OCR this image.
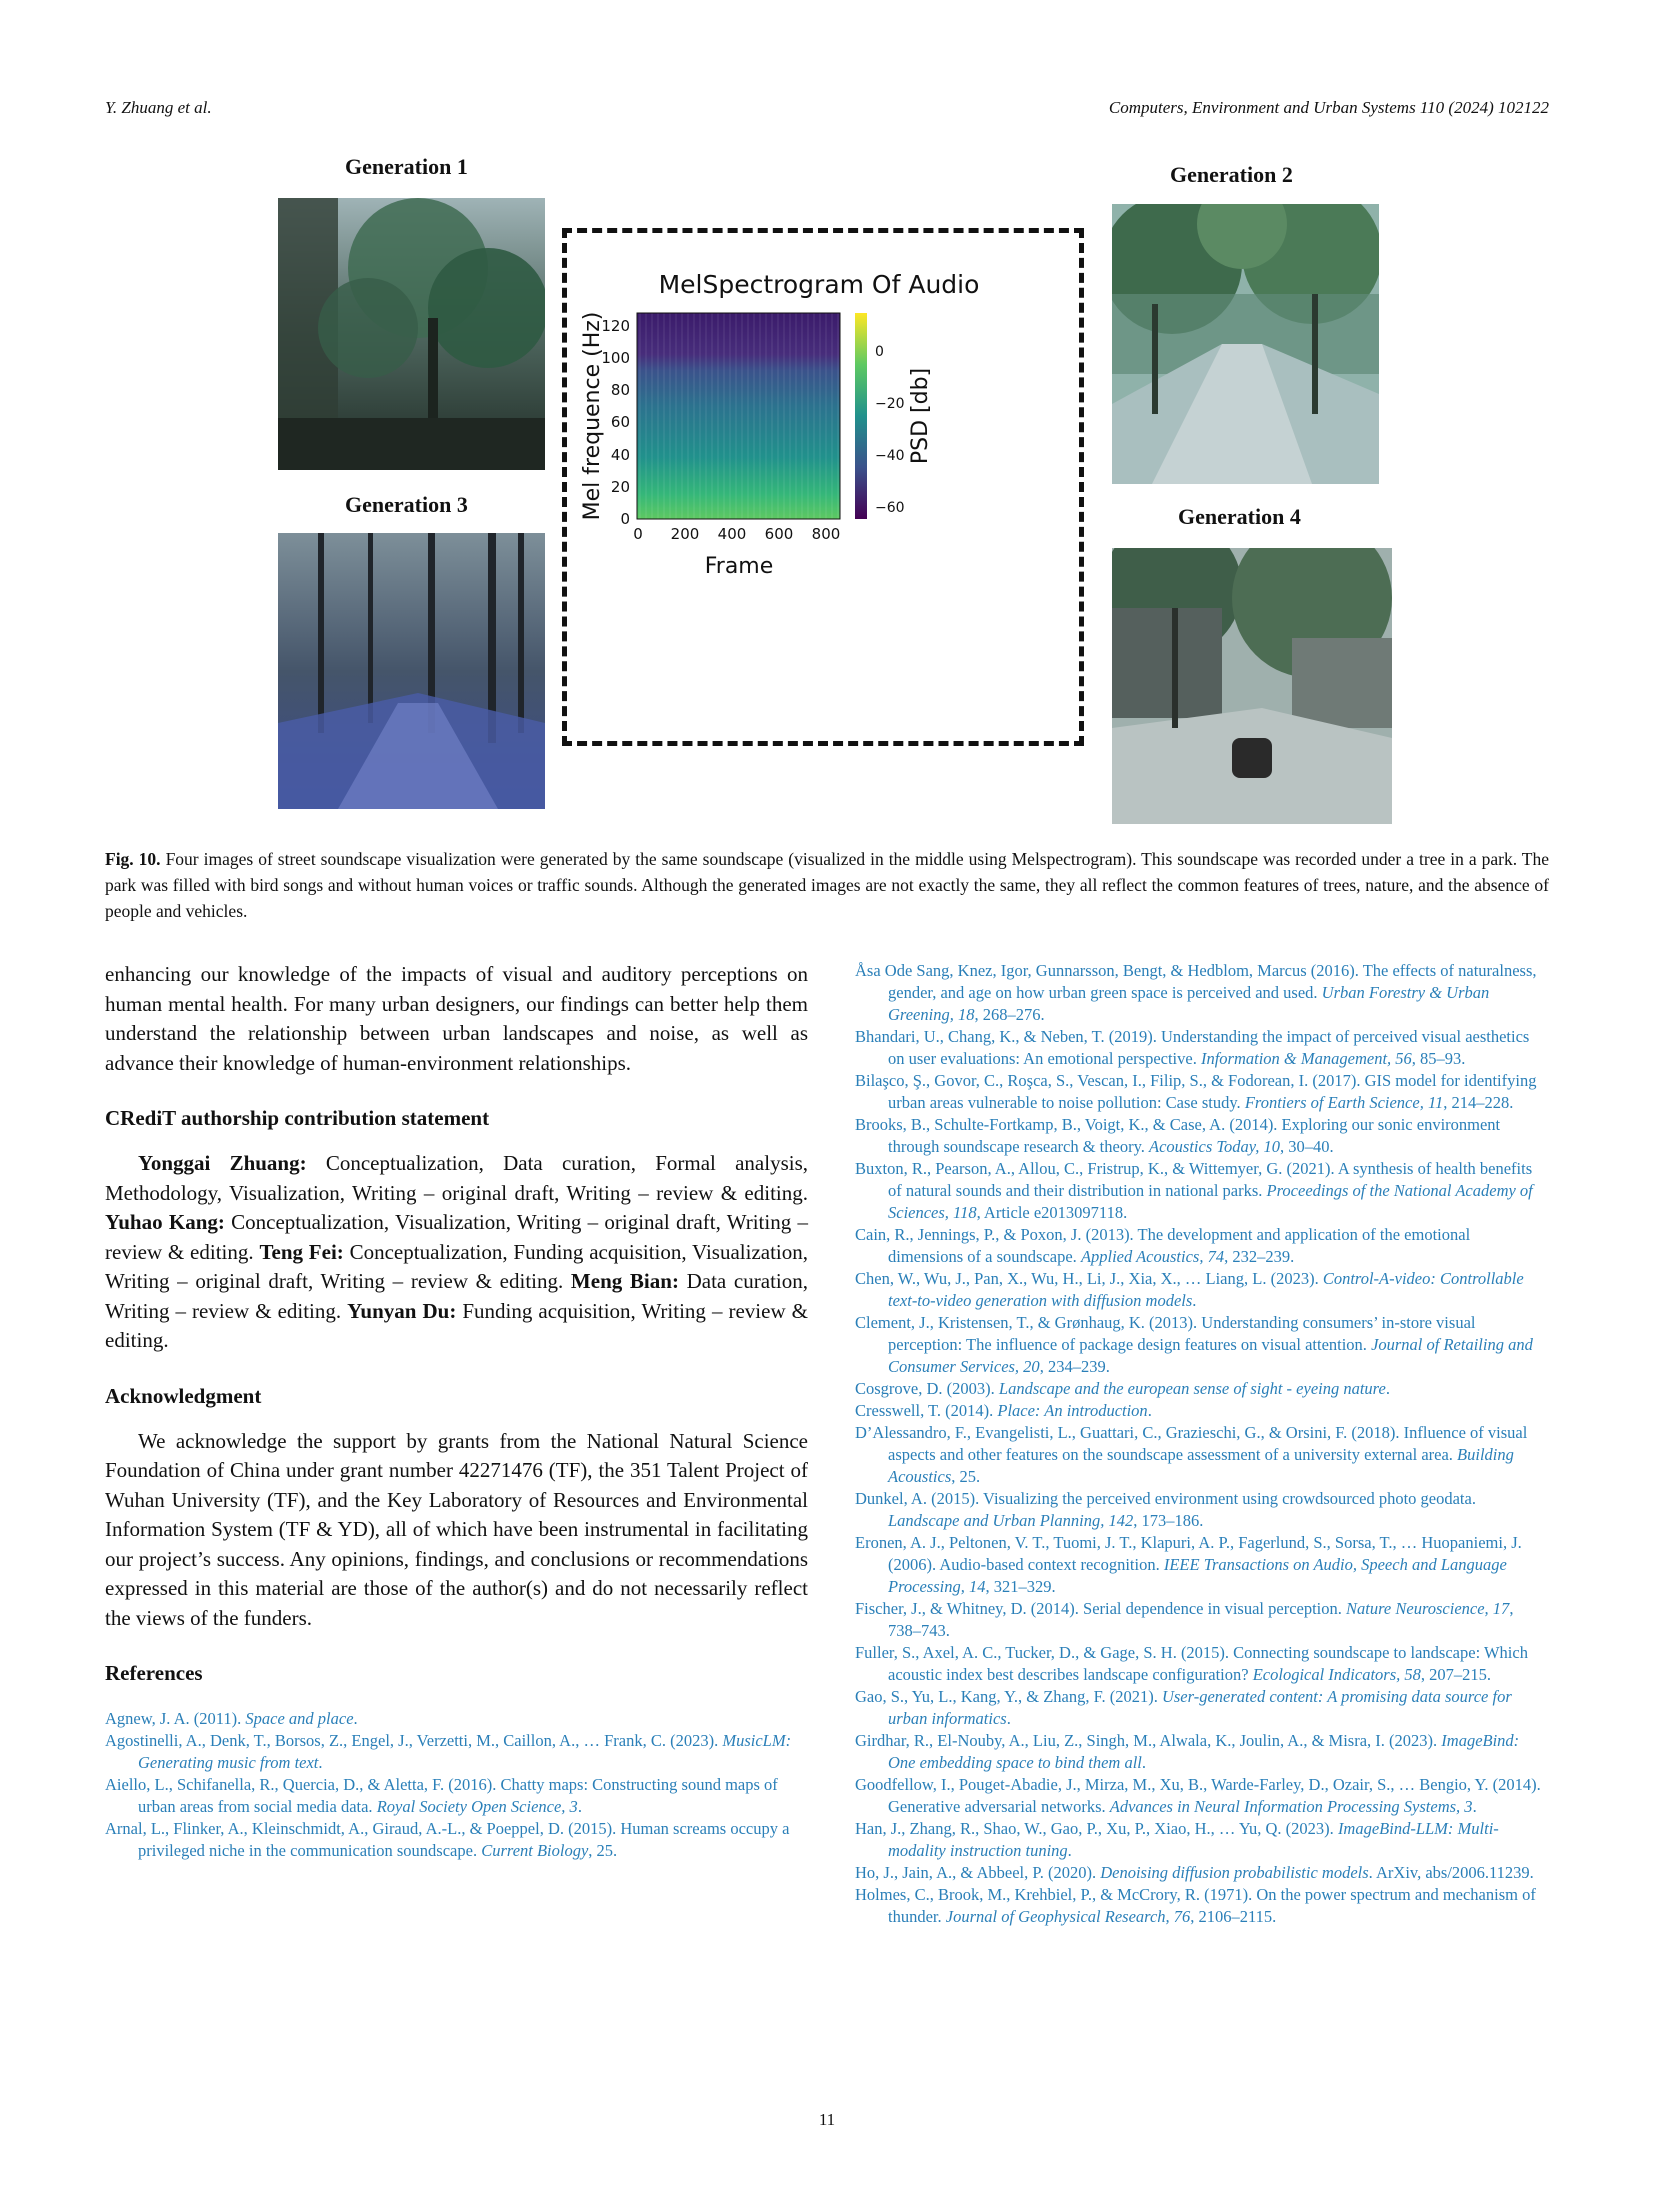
Y. Zhuang et al.	Computers, Environment and Urban Systems 110 (2024) 102122
Generation 1	Generation 2
Generation 3	Generation 4
MelSpectrogram Of Audio
0
20
40
60
80
100
120
0 200 400 600 800
Frame
Mel frequence (Hz)	0
−20
−40
−60
PSD [db]
Fig. 10. Four images of street soundscape visualization were generated by the same soundscape (visualized in the middle using Melspectrogram). This soundscape was recorded under a tree in a park. The park was filled with bird songs and without human voices or traffic sounds. Although the generated images are not exactly the same, they all reflect the common features of trees, nature, and the absence of people and vehicles.

enhancing our knowledge of the impacts of visual and auditory perceptions on human mental health. For many urban designers, our findings can better help them understand the relationship between urban landscapes and noise, as well as advance their knowledge of human-environment relationships.

CRediT authorship contribution statement

Yonggai Zhuang: Conceptualization, Data curation, Formal analysis, Methodology, Visualization, Writing – original draft, Writing – review & editing. Yuhao Kang: Conceptualization, Visualization, Writing – original draft, Writing – review & editing. Teng Fei: Conceptualization, Funding acquisition, Visualization, Writing – original draft, Writing – review & editing. Meng Bian: Data curation, Writing – review & editing. Yunyan Du: Funding acquisition, Writing – review & editing.

Acknowledgment

We acknowledge the support by grants from the National Natural Science Foundation of China under grant number 42271476 (TF), the 351 Talent Project of Wuhan University (TF), and the Key Laboratory of Resources and Environmental Information System (TF & YD), all of which have been instrumental in facilitating our project’s success. Any opinions, findings, and conclusions or recommendations expressed in this material are those of the author(s) and do not necessarily reflect the views of the funders.

References

Agnew, J. A. (2011). Space and place.

Agostinelli, A., Denk, T., Borsos, Z., Engel, J., Verzetti, M., Caillon, A., … Frank, C. (2023). MusicLM: Generating music from text.

Aiello, L., Schifanella, R., Quercia, D., & Aletta, F. (2016). Chatty maps: Constructing sound maps of urban areas from social media data. Royal Society Open Science, 3.

Arnal, L., Flinker, A., Kleinschmidt, A., Giraud, A.-L., & Poeppel, D. (2015). Human screams occupy a privileged niche in the communication soundscape. Current Biology, 25.

Åsa Ode Sang, Knez, Igor, Gunnarsson, Bengt, & Hedblom, Marcus (2016). The effects of naturalness, gender, and age on how urban green space is perceived and used. Urban Forestry & Urban Greening, 18, 268–276.

Bhandari, U., Chang, K., & Neben, T. (2019). Understanding the impact of perceived visual aesthetics on user evaluations: An emotional perspective. Information & Management, 56, 85–93.

Bilaşco, Ş., Govor, C., Roşca, S., Vescan, I., Filip, S., & Fodorean, I. (2017). GIS model for identifying urban areas vulnerable to noise pollution: Case study. Frontiers of Earth Science, 11, 214–228.

Brooks, B., Schulte-Fortkamp, B., Voigt, K., & Case, A. (2014). Exploring our sonic environment through soundscape research & theory. Acoustics Today, 10, 30–40.

Buxton, R., Pearson, A., Allou, C., Fristrup, K., & Wittemyer, G. (2021). A synthesis of health benefits of natural sounds and their distribution in national parks. Proceedings of the National Academy of Sciences, 118, Article e2013097118.

Cain, R., Jennings, P., & Poxon, J. (2013). The development and application of the emotional dimensions of a soundscape. Applied Acoustics, 74, 232–239.

Chen, W., Wu, J., Pan, X., Wu, H., Li, J., Xia, X., … Liang, L. (2023). Control-A-video: Controllable text-to-video generation with diffusion models.

Clement, J., Kristensen, T., & Grønhaug, K. (2013). Understanding consumers’ in-store visual perception: The influence of package design features on visual attention. Journal of Retailing and Consumer Services, 20, 234–239.

Cosgrove, D. (2003). Landscape and the european sense of sight - eyeing nature.

Cresswell, T. (2014). Place: An introduction.

D’Alessandro, F., Evangelisti, L., Guattari, C., Grazieschi, G., & Orsini, F. (2018). Influence of visual aspects and other features on the soundscape assessment of a university external area. Building Acoustics, 25.

Dunkel, A. (2015). Visualizing the perceived environment using crowdsourced photo geodata. Landscape and Urban Planning, 142, 173–186.

Eronen, A. J., Peltonen, V. T., Tuomi, J. T., Klapuri, A. P., Fagerlund, S., Sorsa, T., … Huopaniemi, J. (2006). Audio-based context recognition. IEEE Transactions on Audio, Speech and Language Processing, 14, 321–329.

Fischer, J., & Whitney, D. (2014). Serial dependence in visual perception. Nature Neuroscience, 17, 738–743.

Fuller, S., Axel, A. C., Tucker, D., & Gage, S. H. (2015). Connecting soundscape to landscape: Which acoustic index best describes landscape configuration? Ecological Indicators, 58, 207–215.

Gao, S., Yu, L., Kang, Y., & Zhang, F. (2021). User-generated content: A promising data source for urban informatics.

Girdhar, R., El-Nouby, A., Liu, Z., Singh, M., Alwala, K., Joulin, A., & Misra, I. (2023). ImageBind: One embedding space to bind them all.

Goodfellow, I., Pouget-Abadie, J., Mirza, M., Xu, B., Warde-Farley, D., Ozair, S., … Bengio, Y. (2014). Generative adversarial networks. Advances in Neural Information Processing Systems, 3.

Han, J., Zhang, R., Shao, W., Gao, P., Xu, P., Xiao, H., … Yu, Q. (2023). ImageBind-LLM: Multi-modality instruction tuning.

Ho, J., Jain, A., & Abbeel, P. (2020). Denoising diffusion probabilistic models. ArXiv, abs/2006.11239.

Holmes, C., Brook, M., Krehbiel, P., & McCrory, R. (1971). On the power spectrum and mechanism of thunder. Journal of Geophysical Research, 76, 2106–2115.

11
